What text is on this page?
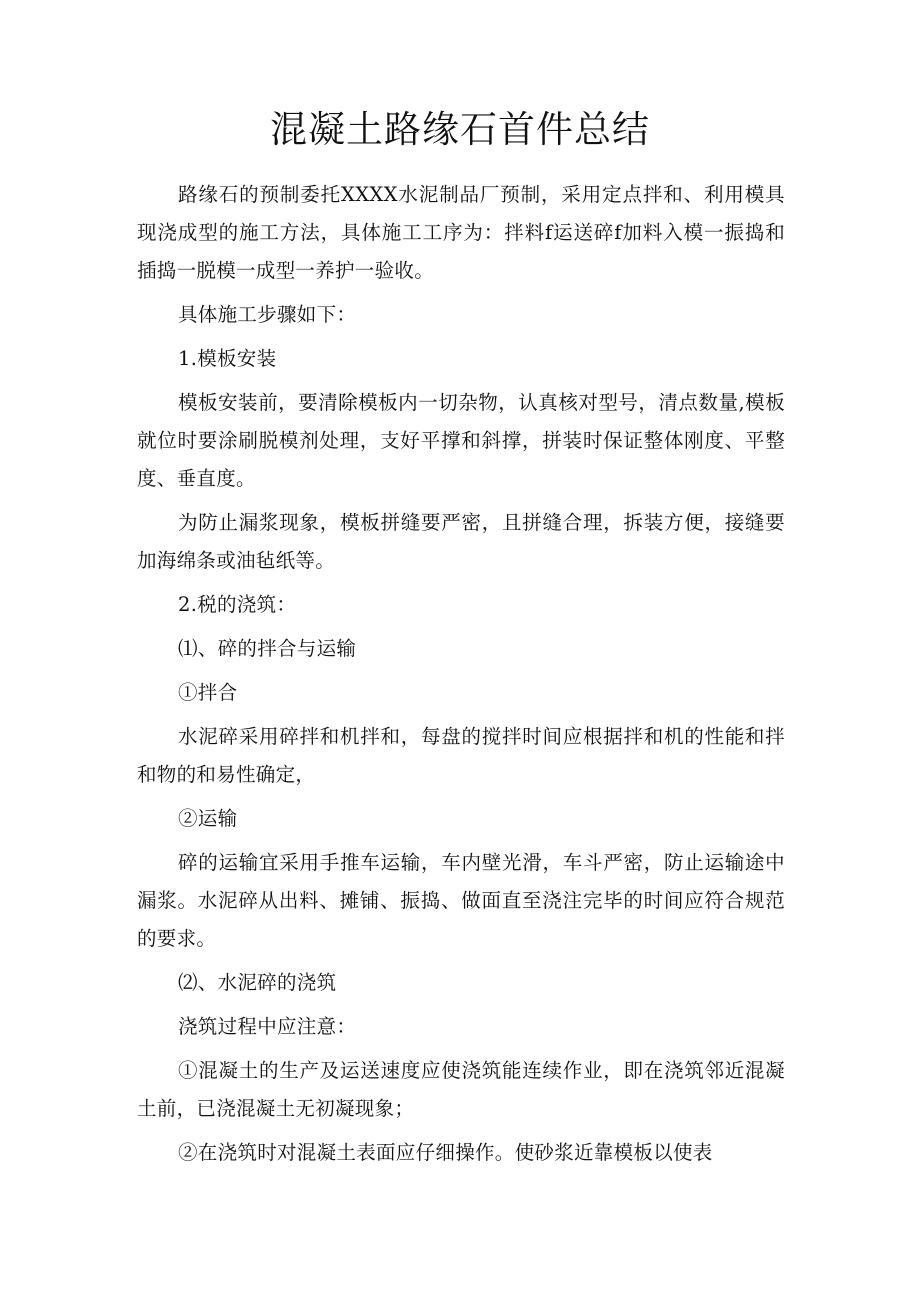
混凝土路缘石首件总结

路缘石的预制委托XXXX水泥制品厂预制，采用定点拌和、利用模具现浇成型的施工方法，具体施工工序为：拌料f运送碎f加料入模一振捣和插捣一脱模一成型一养护一验收。

具体施工步骤如下：

1.模板安装

模板安装前，要清除模板内一切杂物，认真核对型号，清点数量,模板就位时要涂刷脱模剂处理，支好平撑和斜撑，拼装时保证整体刚度、平整度、垂直度。

为防止漏浆现象，模板拼缝要严密，且拼缝合理，拆装方便，接缝要加海绵条或油毡纸等。

2.税的浇筑：

⑴、碎的拌合与运输

①拌合

水泥碎采用碎拌和机拌和，每盘的搅拌时间应根据拌和机的性能和拌和物的和易性确定，

②运输

碎的运输宜采用手推车运输，车内壁光滑，车斗严密，防止运输途中漏浆。水泥碎从出料、摊铺、振捣、做面直至浇注完毕的时间应符合规范的要求。

⑵、水泥碎的浇筑

浇筑过程中应注意：

①混凝土的生产及运送速度应使浇筑能连续作业，即在浇筑邻近混凝土前，已浇混凝土无初凝现象；

②在浇筑时对混凝土表面应仔细操作。使砂浆近靠模板以使表
